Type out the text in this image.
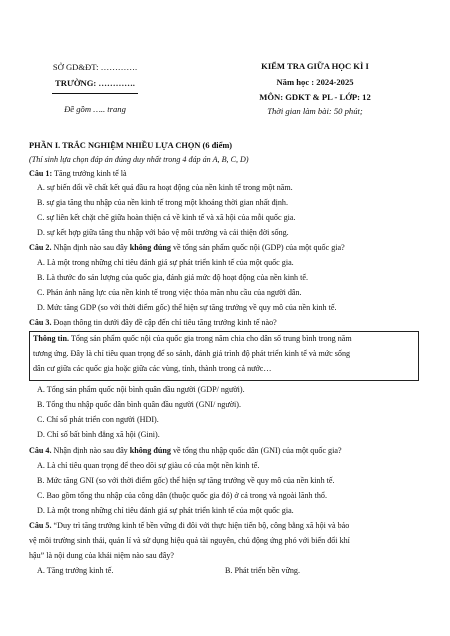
SỞ GD&ĐT: ………….
TRƯỜNG: ………….
Đề gồm ….. trang
KIỂM TRA GIỮA HỌC KÌ I
Năm học : 2024-2025
MÔN: GDKT & PL - LỚP: 12
Thời gian làm bài: 50 phút;
PHẦN I. TRẮC NGHIỆM NHIỀU LỰA CHỌN (6 điểm)
(Thí sinh lựa chọn đáp án đúng duy nhất trong 4 đáp án A, B, C, D)
Câu 1: Tăng trưởng kinh tế là
A. sự biến đổi về chất kết quả đầu ra hoạt động của nền kinh tế trong một năm.
B. sự gia tăng thu nhập của nền kinh tế trong một khoảng thời gian nhất định.
C. sự liên kết chặt chẽ giữa hoàn thiện cả về kinh tế và xã hội của mỗi quốc gia.
D. sự kết hợp giữa tăng thu nhập với bảo vệ môi trường và cải thiện đời sống.
Câu 2. Nhận định nào sau đây không đúng về tổng sản phẩm quốc nội (GDP) của một quốc gia?
A. Là một trong những chỉ tiêu đánh giá sự phát triển kinh tế của một quốc gia.
B. Là thước đo sản lượng của quốc gia, đánh giá mức độ hoạt động của nền kinh tế.
C. Phản ánh năng lực của nền kinh tế trong việc thỏa mãn nhu cầu của người dân.
D. Mức tăng GDP (so với thời điểm gốc) thể hiện sự tăng trưởng về quy mô của nền kinh tế.
Câu 3. Đoạn thông tin dưới đây đề cập đến chỉ tiêu tăng trưởng kinh tế nào?
Thông tin. Tổng sản phẩm quốc nội của quốc gia trong năm chia cho dân số trung bình trong năm
tương ứng. Đây là chỉ tiêu quan trọng để so sánh, đánh giá trình độ phát triển kinh tế và mức sống
dân cư giữa các quốc gia hoặc giữa các vùng, tỉnh, thành trong cả nước…
A. Tổng sản phẩm quốc nội bình quân đầu người (GDP/ người).
B. Tổng thu nhập quốc dân bình quân đầu người (GNI/ người).
C. Chỉ số phát triển con người (HDI).
D. Chỉ số bất bình đẳng xã hội (Gini).
Câu 4. Nhận định nào sau đây không đúng về tổng thu nhập quốc dân (GNI) của một quốc gia?
A. Là chỉ tiêu quan trọng để theo dõi sự giàu có của một nền kinh tế.
B. Mức tăng GNI (so với thời điểm gốc) thể hiện sự tăng trưởng về quy mô của nền kinh tế.
C. Bao gồm tổng thu nhập của công dân (thuộc quốc gia đó) ở cả trong và ngoài lãnh thổ.
D. Là một trong những chỉ tiêu đánh giá sự phát triển kinh tế của một quốc gia.
Câu 5. “Duy trì tăng trưởng kinh tế bền vững đi đôi với thực hiện tiến bộ, công bằng xã hội và bảo
vệ môi trường sinh thái, quản lí và sử dụng hiệu quả tài nguyên, chủ động ứng phó với biến đổi khí
hậu” là nội dung của khái niệm nào sau đây?
A. Tăng trưởng kinh tế.	B. Phát triển bền vững.
